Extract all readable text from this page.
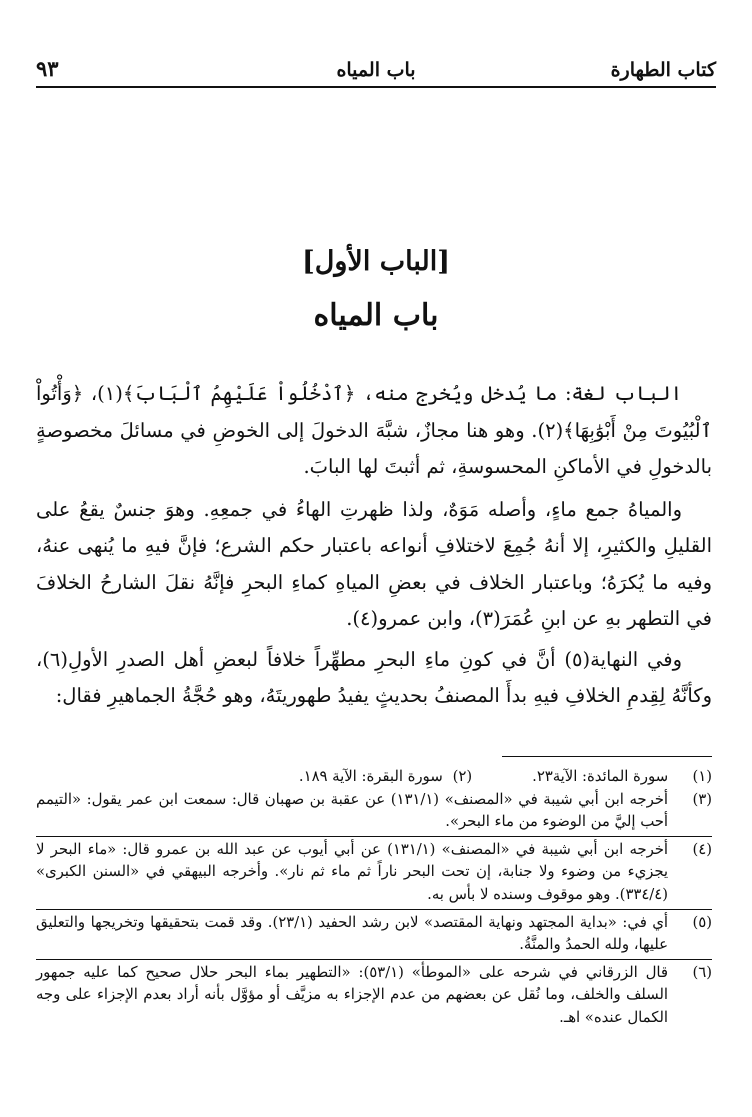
كتاب الطهارة
باب المياه
٩٣
[الباب الأول]
باب المياه

الباب لغة: ما يُدخل ويُخرج منه، ﴿ٱدْخُلُواْ عَلَيْهِمُ ٱلْبَابَ﴾(١)، ﴿وَأْتُواْ ٱلْبُيُوتَ مِنْ أَبْوَٰبِهَا﴾(٢). وهو هنا مجازٌ، شبَّهَ الدخولَ إلى الخوضِ في مسائلَ مخصوصةٍ بالدخولِ في الأماكنِ المحسوسةِ، ثم أثبتَ لها البابَ.

والمياهُ جمع ماءٍ، وأصله مَوَهٌ، ولذا ظهرتِ الهاءُ في جمعِهِ. وهوَ جنسٌ يقعُ على القليلِ والكثيرِ، إلا أنهُ جُمِعَ لاختلافِ أنواعه باعتبار حكم الشرع؛ فإنَّ فيهِ ما يُنهى عنهُ، وفيه ما يُكرَهُ؛ وباعتبار الخلاف في بعضِ المياهِ كماءِ البحرِ فإنَّهُ نقلَ الشارحُ الخلافَ في التطهر بهِ عن ابنِ عُمَرَ(٣)، وابن عمرو(٤).

وفي النهاية(٥) أنَّ في كونِ ماءِ البحرِ مطهِّراً خلافاً لبعضِ أهل الصدرِ الأولِ(٦)، وكأنَّهُ لِقِدمِ الخلافِ فيهِ بدأَ المصنفُ بحديثٍ يفيدُ طهوريتَهُ، وهو حُجَّةُ الجماهيرِ فقال:

(١)
سورة المائدة: الآية٢٣.
(٢)
سورة البقرة: الآية ١٨٩.
(٣)
أخرجه ابن أبي شيبة في «المصنف» (١٣١/١) عن عقبة بن صهبان قال: سمعت ابن عمر يقول: «التيمم أحب إليَّ من الوضوء من ماء البحر».
(٤)
أخرجه ابن أبي شيبة في «المصنف» (١٣١/١) عن أبي أيوب عن عبد الله بن عمرو قال: «ماء البحر لا يجزيء من وضوء ولا جنابة، إن تحت البحر ناراً ثم ماء ثم نار». وأخرجه البيهقي في «السنن الكبرى» (٣٣٤/٤). وهو موقوف وسنده لا بأس به.
(٥)
أي في: «بداية المجتهد ونهاية المقتصد» لابن رشد الحفيد (٢٣/١). وقد قمت بتحقيقها وتخريجها والتعليق عليها، ولله الحمدُ والمنَّةُ.
(٦)
قال الزرقاني في شرحه على «الموطأ» (٥٣/١): «التطهير بماء البحر حلال صحيح كما عليه جمهور السلف والخلف، وما نُقل عن بعضهم من عدم الإجزاء به مزيَّف أو مؤوَّل بأنه أراد بعدم الإجزاء على وجه الكمال عنده» اهـ.
